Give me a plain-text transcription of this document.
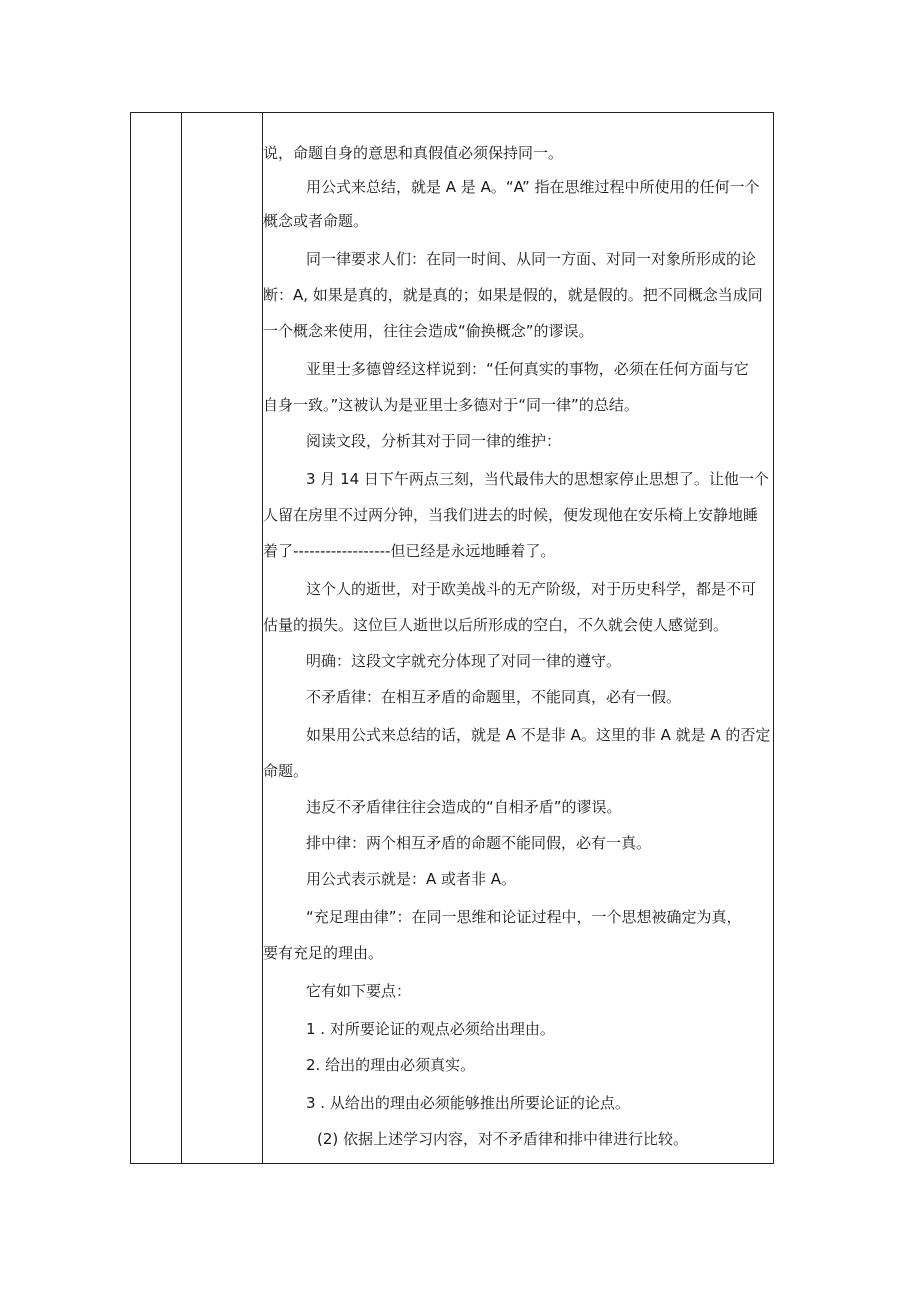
说，命题自身的意思和真假值必须保持同一。
用公式来总结，就是 A 是 A。“A” 指在思维过程中所使用的任何一个
概念或者命题。
同一律要求人们：在同一时间、从同一方面、对同一对象所形成的论
断：A, 如果是真的，就是真的；如果是假的，就是假的。把不同概念当成同
一个概念来使用，往往会造成“偷换概念”的谬误。
亚里士多德曾经这样说到：“任何真实的事物，必须在任何方面与它
自身一致。”这被认为是亚里士多德对于“同一律”的总结。
阅读文段，分析其对于同一律的维护：
3 月 14 日下午两点三刻，当代最伟大的思想家停止思想了。让他一个
人留在房里不过两分钟，当我们进去的时候，便发现他在安乐椅上安静地睡
着了------------------但已经是永远地睡着了。
这个人的逝世，对于欧美战斗的无产阶级，对于历史科学，都是不可
估量的损失。这位巨人逝世以后所形成的空白，不久就会使人感觉到。
明确：这段文字就充分体现了对同一律的遵守。
不矛盾律：在相互矛盾的命题里，不能同真，必有一假。
如果用公式来总结的话，就是 A 不是非 A。这里的非 A 就是 A 的否定
命题。
违反不矛盾律往往会造成的“自相矛盾”的谬误。
排中律：两个相互矛盾的命题不能同假，必有一真。
用公式表示就是：A 或者非 A。
“充足理由律”：在同一思维和论证过程中，一个思想被确定为真，
要有充足的理由。
它有如下要点：
1 . 对所要论证的观点必须给出理由。
2. 给出的理由必须真实。
3 . 从给出的理由必须能够推出所要论证的论点。
(2) 依据上述学习内容，对不矛盾律和排中律进行比较。
